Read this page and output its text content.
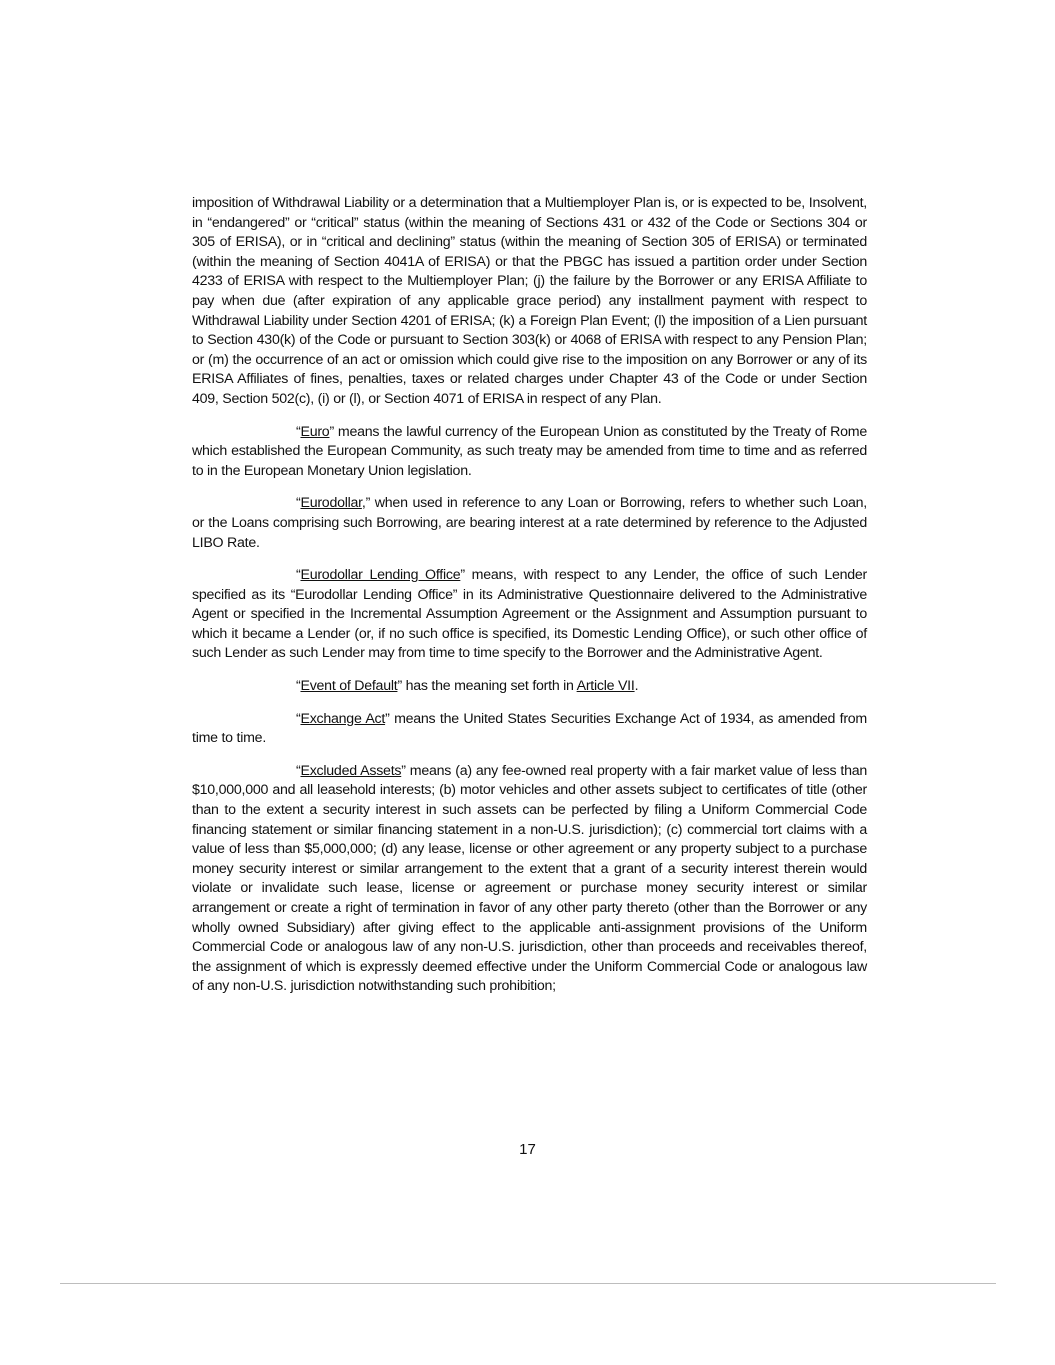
imposition of Withdrawal Liability or a determination that a Multiemployer Plan is, or is expected to be, Insolvent, in “endangered” or “critical” status (within the meaning of Sections 431 or 432 of the Code or Sections 304 or 305 of ERISA), or in “critical and declining” status (within the meaning of Section 305 of ERISA) or terminated (within the meaning of Section 4041A of ERISA) or that the PBGC has issued a partition order under Section 4233 of ERISA with respect to the Multiemployer Plan; (j) the failure by the Borrower or any ERISA Affiliate to pay when due (after expiration of any applicable grace period) any installment payment with respect to Withdrawal Liability under Section 4201 of ERISA; (k) a Foreign Plan Event; (l) the imposition of a Lien pursuant to Section 430(k) of the Code or pursuant to Section 303(k) or 4068 of ERISA with respect to any Pension Plan; or (m) the occurrence of an act or omission which could give rise to the imposition on any Borrower or any of its ERISA Affiliates of fines, penalties, taxes or related charges under Chapter 43 of the Code or under Section 409, Section 502(c), (i) or (l), or Section 4071 of ERISA in respect of any Plan.

“Euro” means the lawful currency of the European Union as constituted by the Treaty of Rome which established the European Community, as such treaty may be amended from time to time and as referred to in the European Monetary Union legislation.

“Eurodollar,” when used in reference to any Loan or Borrowing, refers to whether such Loan, or the Loans comprising such Borrowing, are bearing interest at a rate determined by reference to the Adjusted LIBO Rate.

“Eurodollar Lending Office” means, with respect to any Lender, the office of such Lender specified as its “Eurodollar Lending Office” in its Administrative Questionnaire delivered to the Administrative Agent or specified in the Incremental Assumption Agreement or the Assignment and Assumption pursuant to which it became a Lender (or, if no such office is specified, its Domestic Lending Office), or such other office of such Lender as such Lender may from time to time specify to the Borrower and the Administrative Agent.

“Event of Default” has the meaning set forth in Article VII.

“Exchange Act” means the United States Securities Exchange Act of 1934, as amended from time to time.

“Excluded Assets” means (a) any fee-owned real property with a fair market value of less than $10,000,000 and all leasehold interests; (b) motor vehicles and other assets subject to certificates of title (other than to the extent a security interest in such assets can be perfected by filing a Uniform Commercial Code financing statement or similar financing statement in a non-U.S. jurisdiction); (c) commercial tort claims with a value of less than $5,000,000; (d) any lease, license or other agreement or any property subject to a purchase money security interest or similar arrangement to the extent that a grant of a security interest therein would violate or invalidate such lease, license or agreement or purchase money security interest or similar arrangement or create a right of termination in favor of any other party thereto (other than the Borrower or any wholly owned Subsidiary) after giving effect to the applicable anti-assignment provisions of the Uniform Commercial Code or analogous law of any non-U.S. jurisdiction, other than proceeds and receivables thereof, the assignment of which is expressly deemed effective under the Uniform Commercial Code or analogous law of any non-U.S. jurisdiction notwithstanding such prohibition;

17
